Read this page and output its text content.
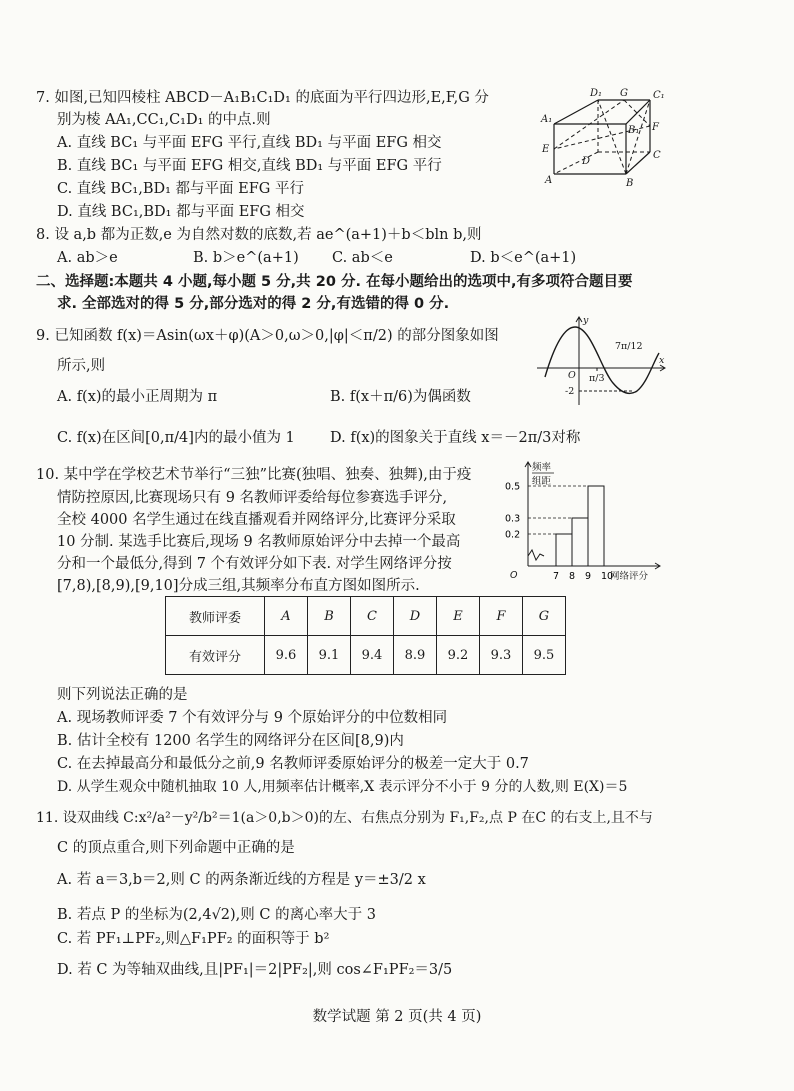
7. 如图,已知四棱柱 ABCD－A₁B₁C₁D₁ 的底面为平行四边形,E,F,G 分
别为棱 AA₁,CC₁,C₁D₁ 的中点.则
A. 直线 BC₁ 与平面 EFG 平行,直线 BD₁ 与平面 EFG 相交
B. 直线 BC₁ 与平面 EFG 相交,直线 BD₁ 与平面 EFG 平行
C. 直线 BC₁,BD₁ 都与平面 EFG 平行
D. 直线 BC₁,BD₁ 都与平面 EFG 相交
D₁ G	C₁
A₁
B₁ F
E
D
C
A	B
8. 设 a,b 都为正数,e 为自然对数的底数,若 ae^(a+1)＋b＜bln b,则
A. ab＞e	B. b＞e^(a+1) C. ab＜e	D. b＜e^(a+1)
二、选择题:本题共 4 小题,每小题 5 分,共 20 分. 在每小题给出的选项中,有多项符合题目要
求. 全部选对的得 5 分,部分选对的得 2 分,有选错的得 0 分.
9. 已知函数 f(x)＝Asin(ωx＋φ)(A＞0,ω＞0,|φ|＜π/2) 的部分图象如图
所示,则
A. f(x)的最小正周期为 π	B. f(x＋π/6)为偶函数
C. f(x)在区间[0,π/4]内的最小值为 1 D. f(x)的图象关于直线 x＝－2π/3对称
y
x
O
-2
π/3
7π/12
10. 某中学在学校艺术节举行“三独”比赛(独唱、独奏、独舞),由于疫
情防控原因,比赛现场只有 9 名教师评委给每位参赛选手评分,
全校 4000 名学生通过在线直播观看并网络评分,比赛评分采取
10 分制. 某选手比赛后,现场 9 名教师原始评分中去掉一个最高
分和一个最低分,得到 7 个有效评分如下表. 对学生网络评分按
[7,8),[8,9),[9,10]分成三组,其频率分布直方图如图所示.
0.5
0.3
0.2
7 8 9 10
频率
组距
O	网络评分
教师评委	A	B	C	D	E	F	G
有效评分	9.6	9.1	9.4	8.9	9.2	9.3	9.5
则下列说法正确的是
A. 现场教师评委 7 个有效评分与 9 个原始评分的中位数相同
B. 估计全校有 1200 名学生的网络评分在区间[8,9)内
C. 在去掉最高分和最低分之前,9 名教师评委原始评分的极差一定大于 0.7
D. 从学生观众中随机抽取 10 人,用频率估计概率,X 表示评分不小于 9 分的人数,则 E(X)＝5
11. 设双曲线 C:x²/a²－y²/b²＝1(a＞0,b＞0)的左、右焦点分别为 F₁,F₂,点 P 在C 的右支上,且不与
C 的顶点重合,则下列命题中正确的是
A. 若 a＝3,b＝2,则 C 的两条渐近线的方程是 y＝±3/2 x
B. 若点 P 的坐标为(2,4√2),则 C 的离心率大于 3
C. 若 PF₁⊥PF₂,则△F₁PF₂ 的面积等于 b²
D. 若 C 为等轴双曲线,且|PF₁|＝2|PF₂|,则 cos∠F₁PF₂＝3/5
数学试题 第 2 页(共 4 页)
